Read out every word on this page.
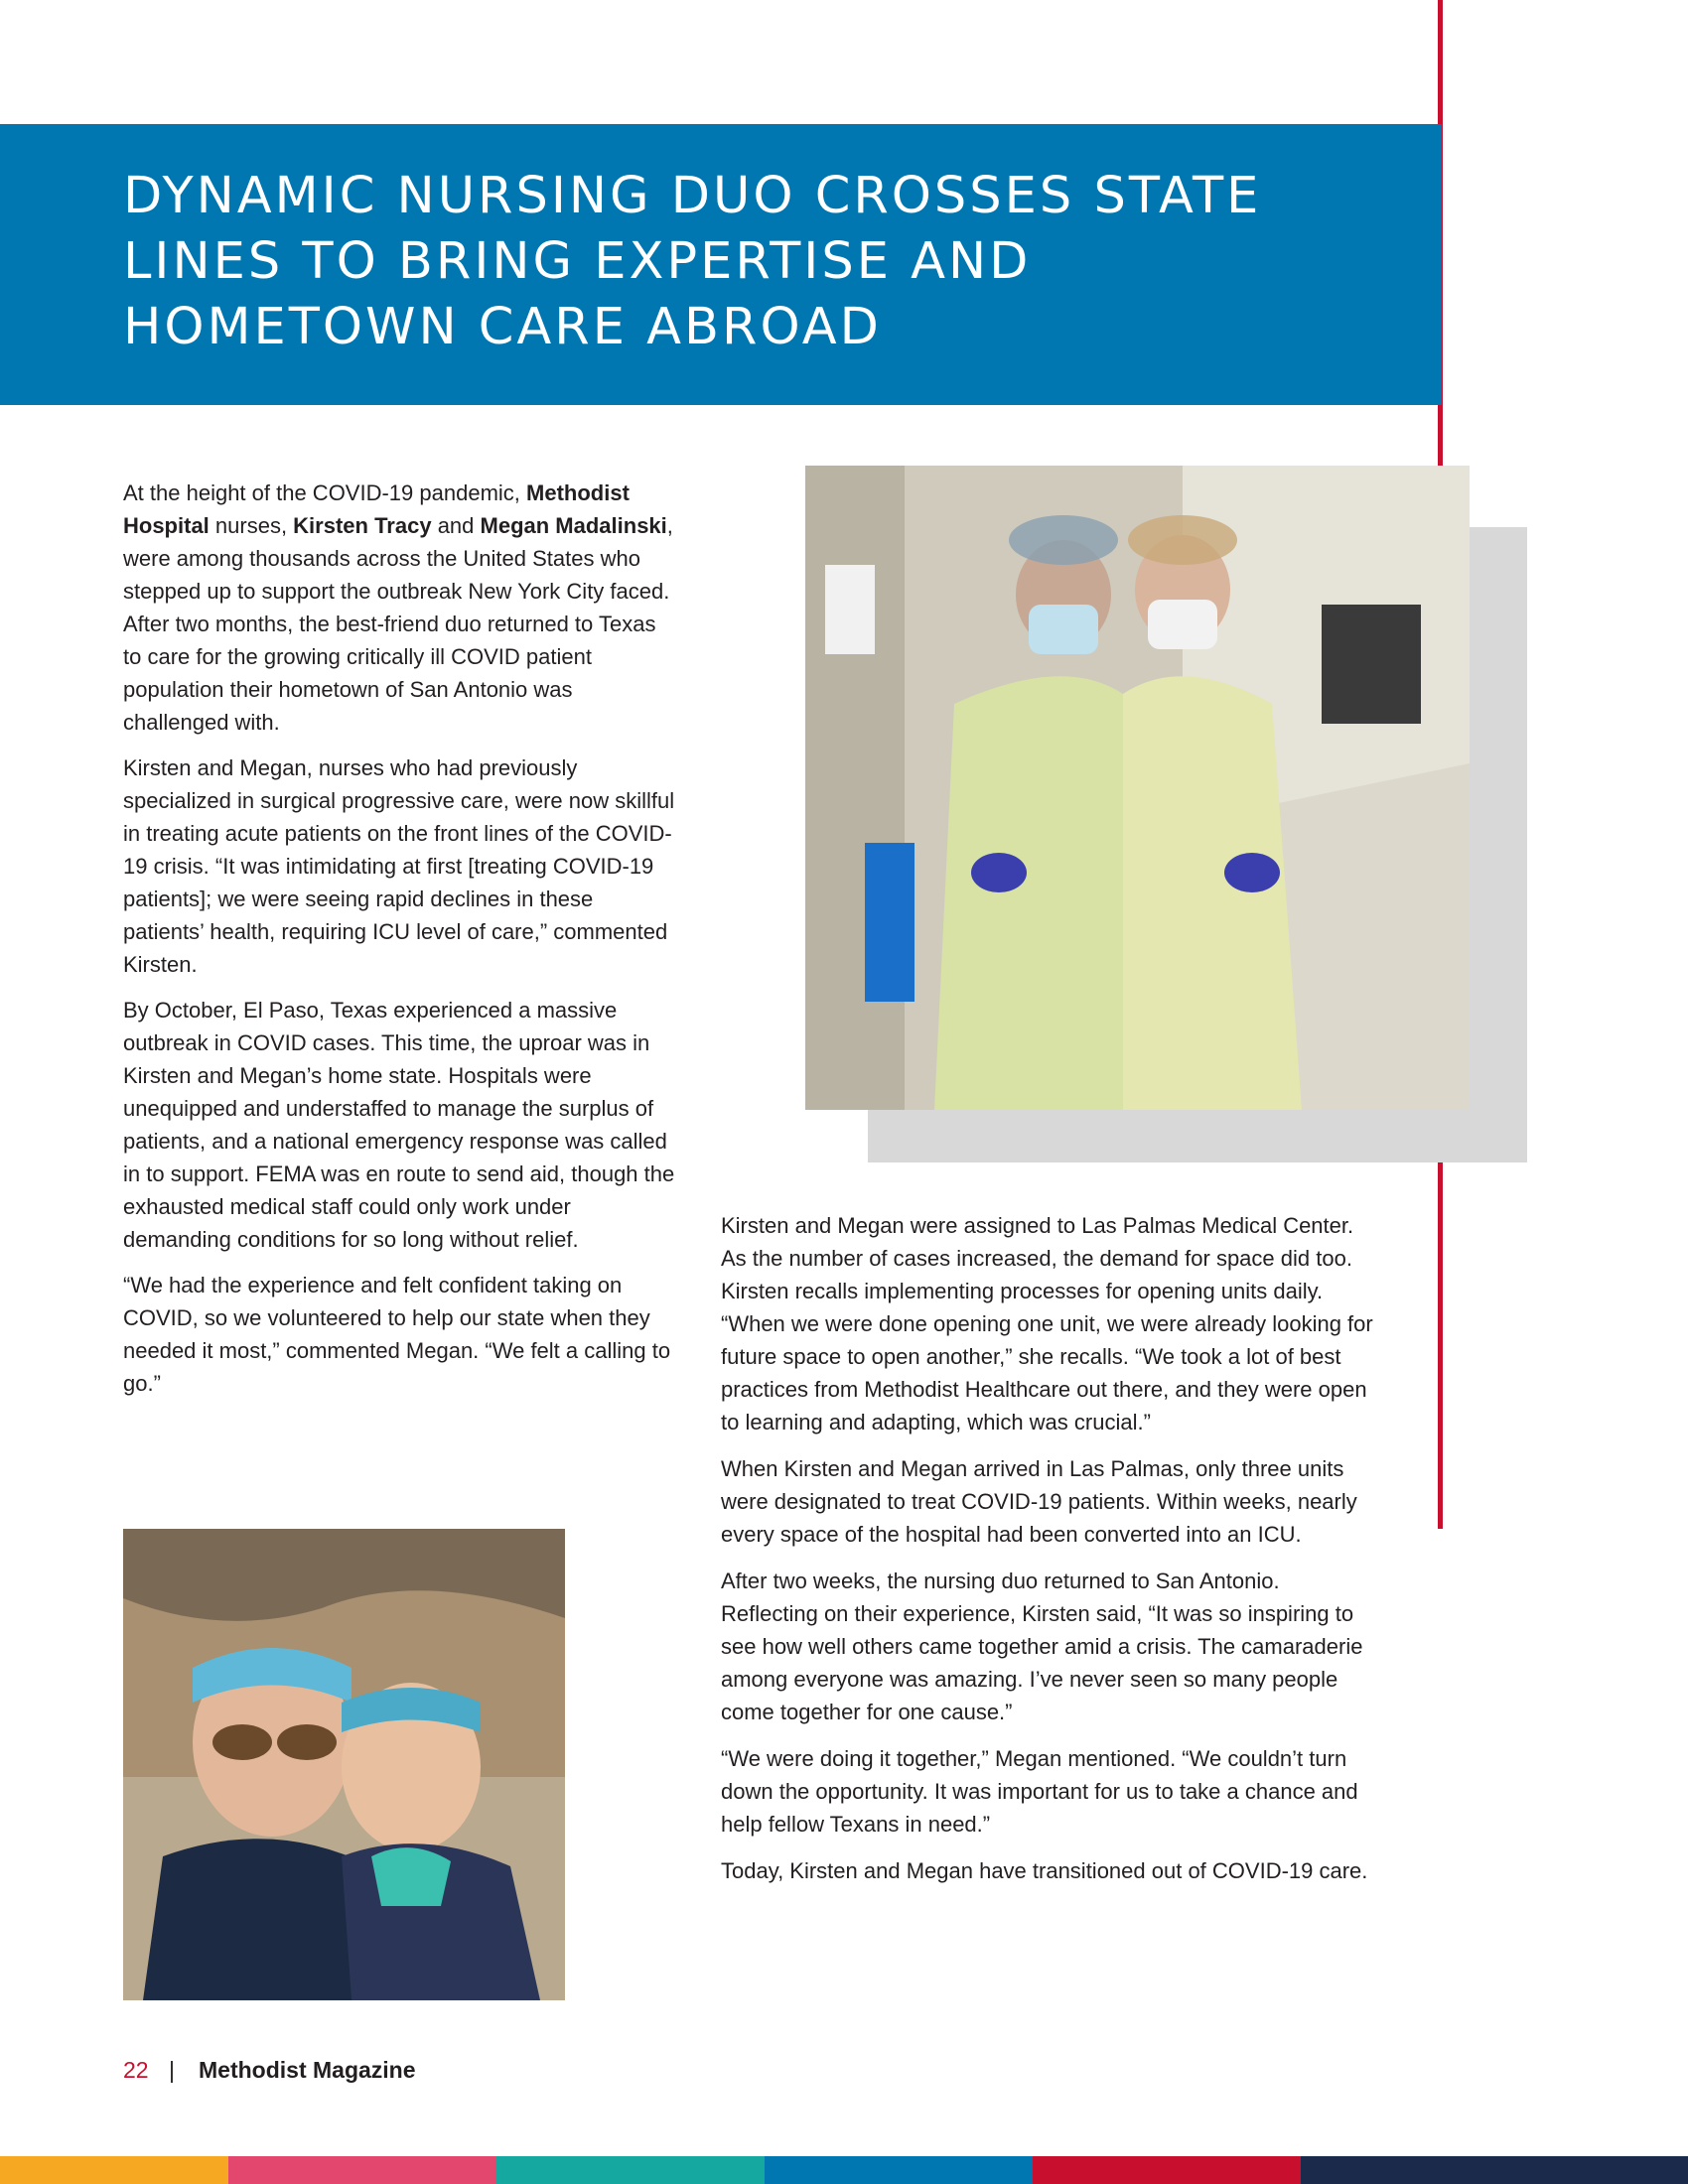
DYNAMIC NURSING DUO CROSSES STATE LINES TO BRING EXPERTISE AND HOMETOWN CARE ABROAD

At the height of the COVID-19 pandemic, Methodist Hospital nurses, Kirsten Tracy and Megan Madalinski, were among thousands across the United States who stepped up to support the outbreak New York City faced. After two months, the best-friend duo returned to Texas to care for the growing critically ill COVID patient population their hometown of San Antonio was challenged with.

Kirsten and Megan, nurses who had previously specialized in surgical progressive care, were now skillful in treating acute patients on the front lines of the COVID-19 crisis. “It was intimidating at first [treating COVID-19 patients]; we were seeing rapid declines in these patients’ health, requiring ICU level of care,” commented Kirsten.

By October, El Paso, Texas experienced a massive outbreak in COVID cases. This time, the uproar was in Kirsten and Megan’s home state. Hospitals were unequipped and understaffed to manage the surplus of patients, and a national emergency response was called in to support. FEMA was en route to send aid, though the exhausted medical staff could only work under demanding conditions for so long without relief.

“We had the experience and felt confident taking on COVID, so we volunteered to help our state when they needed it most,” commented Megan. “We felt a calling to go.”

Kirsten and Megan were assigned to Las Palmas Medical Center. As the number of cases increased, the demand for space did too. Kirsten recalls implementing processes for opening units daily. “When we were done opening one unit, we were already looking for future space to open another,” she recalls. “We took a lot of best practices from Methodist Healthcare out there, and they were open to learning and adapting, which was crucial.”

When Kirsten and Megan arrived in Las Palmas, only three units were designated to treat COVID-19 patients. Within weeks, nearly every space of the hospital had been converted into an ICU.

After two weeks, the nursing duo returned to San Antonio. Reflecting on their experience, Kirsten said, “It was so inspiring to see how well others came together amid a crisis. The camaraderie among everyone was amazing. I’ve never seen so many people come together for one cause.”

“We were doing it together,” Megan mentioned. “We couldn’t turn down the opportunity. It was important for us to take a chance and help fellow Texans in need.”

Today, Kirsten and Megan have transitioned out of COVID-19 care.

22 | Methodist Magazine
